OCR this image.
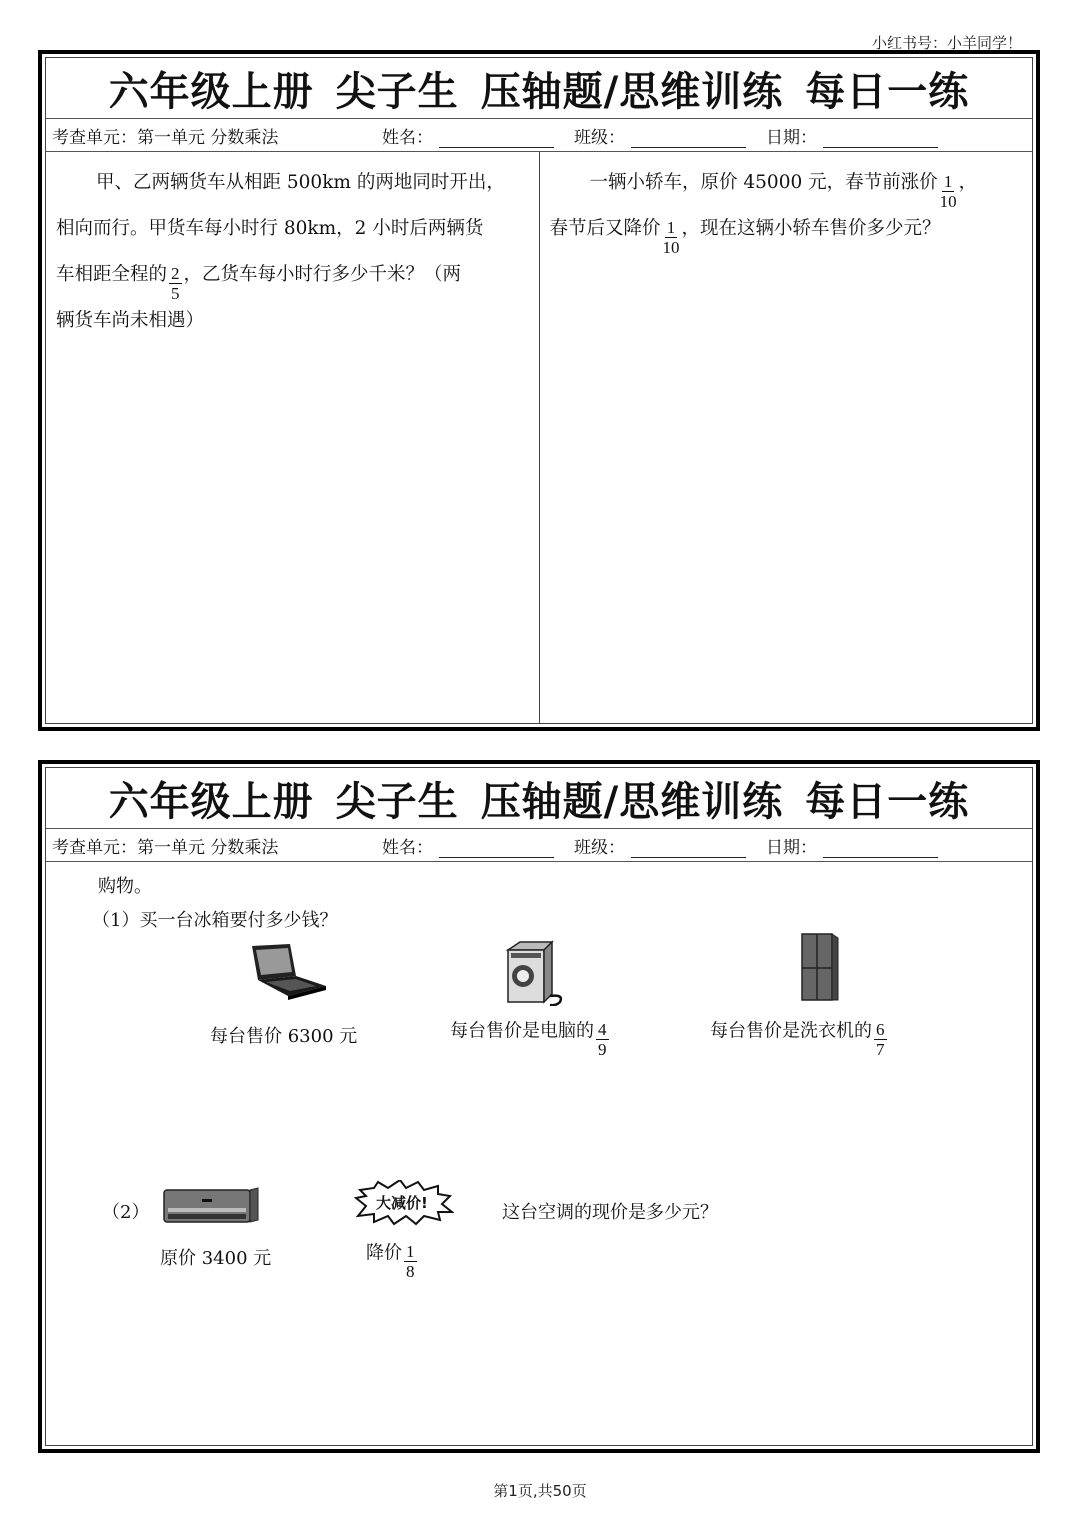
小红书号：小羊同学！
六年级上册 尖子生 压轴题/思维训练 每日一练
考查单元：第一单元 分数乘法	姓名：	班级：	日期：
甲、乙两辆货车从相距 500km 的两地同时开出，
相向而行。甲货车每小时行 80km，2 小时后两辆货
车相距全程的 $\frac{2}{5}$ ，乙货车每小时行多少千米？（两
辆货车尚未相遇）
一辆小轿车，原价 45000 元，春节前涨价 $\frac{1}{10}$ ，
春节后又降价 $\frac{1}{10}$ ，现在这辆小轿车售价多少元？
六年级上册 尖子生 压轴题/思维训练 每日一练
考查单元：第一单元 分数乘法	姓名：	班级：	日期：
购物。
（1）买一台冰箱要付多少钱？
每台售价 6300 元	每台售价是电脑的 $\frac{4}{9}$	每台售价是洗衣机的 $\frac{6}{7}$
（2）
原价 3400 元
大减价!
降价 $\frac{1}{8}$
这台空调的现价是多少元？
第1页,共50页
